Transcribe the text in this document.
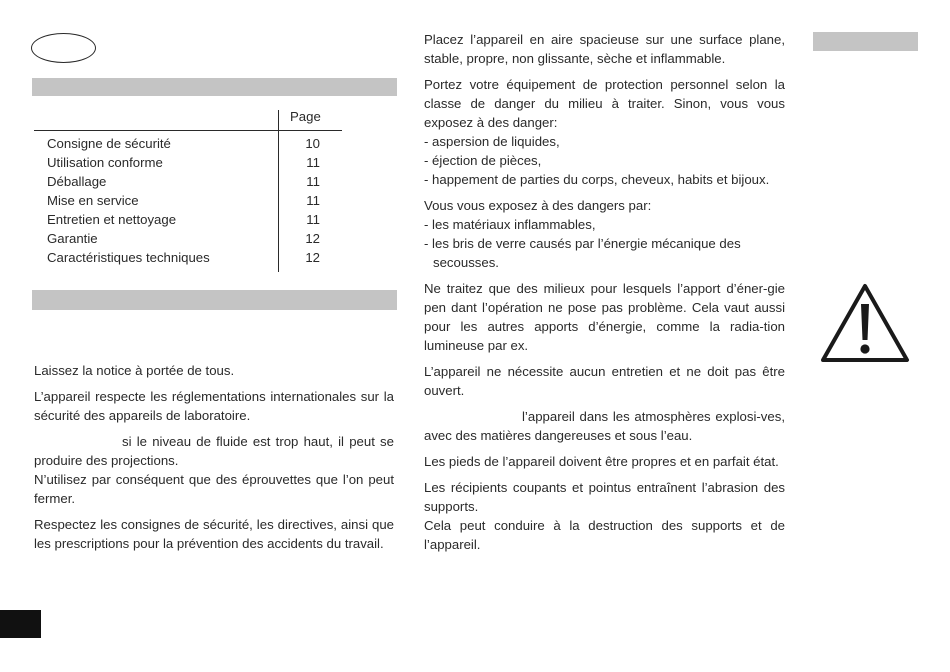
Page
Consigne de sécurité
Utilisation conforme
Déballage
Mise en service
Entretien et nettoyage
Garantie
Caractéristiques techniques
10
11
11
11
11
12
12

Laissez la notice à portée de tous.

L’appareil respecte les réglementations internationales sur la sécurité des appareils de laboratoire.

si le niveau de fluide est trop haut, il peut se produire des projections.

N’utilisez par conséquent que des éprouvettes que l’on peut fermer.

Respectez les consignes de sécurité, les directives, ainsi que les prescriptions pour la prévention des accidents du travail.

Placez l’appareil en aire spacieuse sur une surface plane, stable, propre, non glissante, sèche et inflammable.

Portez votre équipement de protection personnel selon la classe de danger du milieu à traiter. Sinon, vous vous exposez à des danger:
- aspersion de liquides,
- éjection de pièces,
- happement de parties du corps, cheveux, habits et bijoux.

Vous vous exposez à des dangers par:
- les matériaux inflammables,
- les bris de verre causés par l’énergie mécanique des secousses.

Ne traitez que des milieux pour lesquels l’apport d’éner-gie pen dant l’opération ne pose pas problème. Cela vaut aussi pour les autres apports d’énergie, comme la radia-tion lumineuse par ex.

L’appareil ne nécessite aucun entretien et ne doit pas être ouvert.

l’appareil dans les atmosphères explosi-ves, avec des matières dangereuses et sous l’eau.

Les pieds de l’appareil doivent être propres et en parfait état.

Les récipients coupants et pointus entraînent l’abrasion des supports.

Cela peut conduire à la destruction des supports et de l’appareil.
